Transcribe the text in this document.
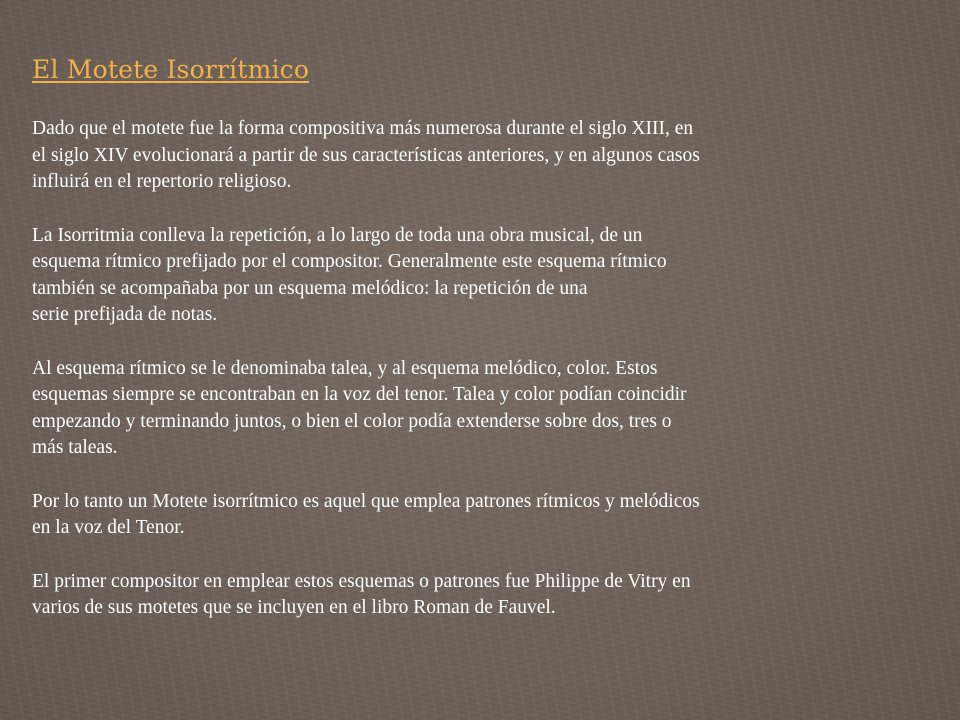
El Motete Isorrítmico
Dado que el motete fue la forma compositiva más numerosa durante el siglo XIII, en
el siglo XIV evolucionará a partir de sus características anteriores, y en algunos casos
influirá en el repertorio religioso.
La Isorritmia conlleva la repetición, a lo largo de toda una obra musical, de un
esquema rítmico prefijado por el compositor. Generalmente este esquema rítmico
también se acompañaba por un esquema melódico: la repetición de una
serie prefijada de notas.
Al esquema rítmico se le denominaba talea, y al esquema melódico, color. Estos
esquemas siempre se encontraban en la voz del tenor. Talea y color podían coincidir
empezando y terminando juntos, o bien el color podía extenderse sobre dos, tres o
más taleas.
Por lo tanto un Motete isorrítmico es aquel que emplea patrones rítmicos y melódicos
en la voz del Tenor.
El primer compositor en emplear estos esquemas o patrones fue Philippe de Vitry en
varios de sus motetes que se incluyen en el libro Roman de Fauvel.
